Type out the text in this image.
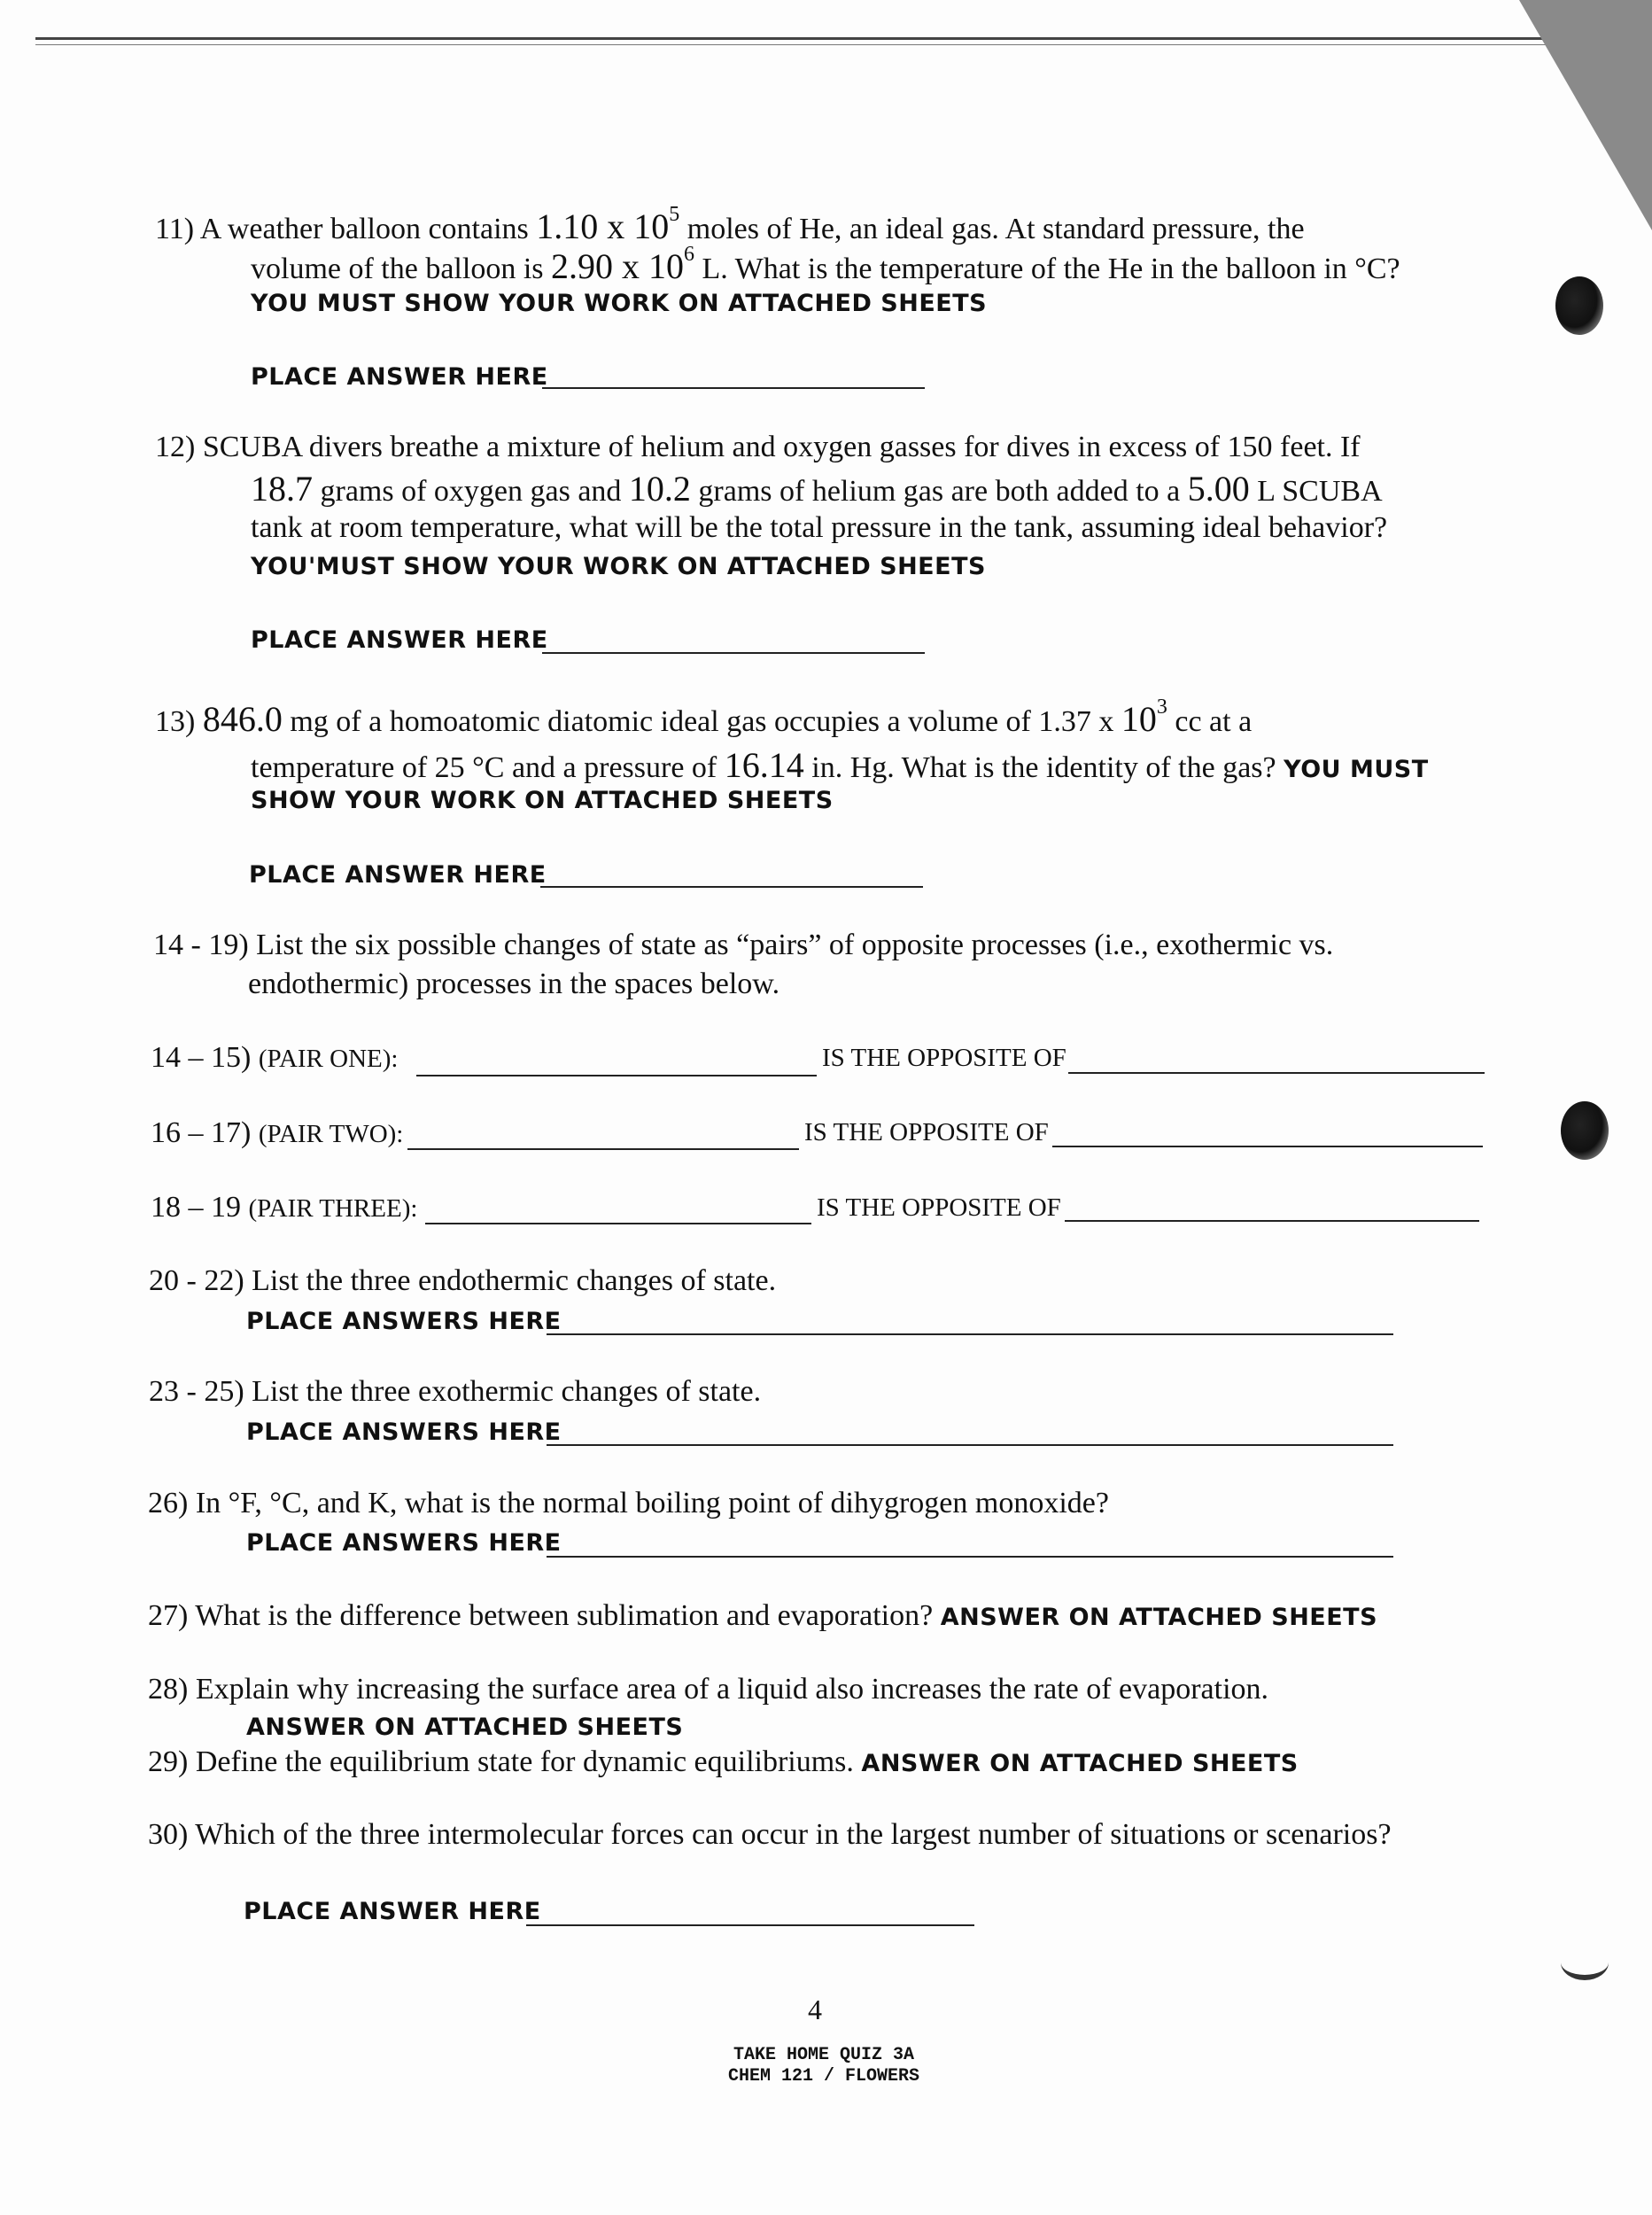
11) A weather balloon contains 1.10 x $10^5$ moles of He, an ideal gas. At standard pressure, the
volume of the balloon is 2.90 x $10^6$ L. What is the temperature of the He in the balloon in °C?
YOU MUST SHOW YOUR WORK ON ATTACHED SHEETS
PLACE ANSWER HERE
12) SCUBA divers breathe a mixture of helium and oxygen gasses for dives in excess of 150 feet. If
18.7 grams of oxygen gas and 10.2 grams of helium gas are both added to a 5.00 L SCUBA
tank at room temperature, what will be the total pressure in the tank, assuming ideal behavior?
YOU'MUST SHOW YOUR WORK ON ATTACHED SHEETS
PLACE ANSWER HERE
13) 846.0 mg of a homoatomic diatomic ideal gas occupies a volume of 1.37 x $10^3$ cc at a
temperature of 25 °C and a pressure of 16.14 in. Hg. What is the identity of the gas? YOU MUST
SHOW YOUR WORK ON ATTACHED SHEETS
PLACE ANSWER HERE
14 - 19) List the six possible changes of state as “pairs” of opposite processes (i.e., exothermic vs.
endothermic) processes in the spaces below.
14 – 15) (PAIR ONE):	IS THE OPPOSITE OF
16 – 17) (PAIR TWO):	IS THE OPPOSITE OF
18 – 19 (PAIR THREE):	IS THE OPPOSITE OF
20 - 22) List the three endothermic changes of state.
PLACE ANSWERS HERE
23 - 25) List the three exothermic changes of state.
PLACE ANSWERS HERE
26) In °F, °C, and K, what is the normal boiling point of dihygrogen monoxide?
PLACE ANSWERS HERE
27) What is the difference between sublimation and evaporation? ANSWER ON ATTACHED SHEETS
28) Explain why increasing the surface area of a liquid also increases the rate of evaporation.
ANSWER ON ATTACHED SHEETS
29) Define the equilibrium state for dynamic equilibriums. ANSWER ON ATTACHED SHEETS
30) Which of the three intermolecular forces can occur in the largest number of situations or scenarios?
PLACE ANSWER HERE
4
TAKE HOME QUIZ 3A
CHEM 121 / FLOWERS
